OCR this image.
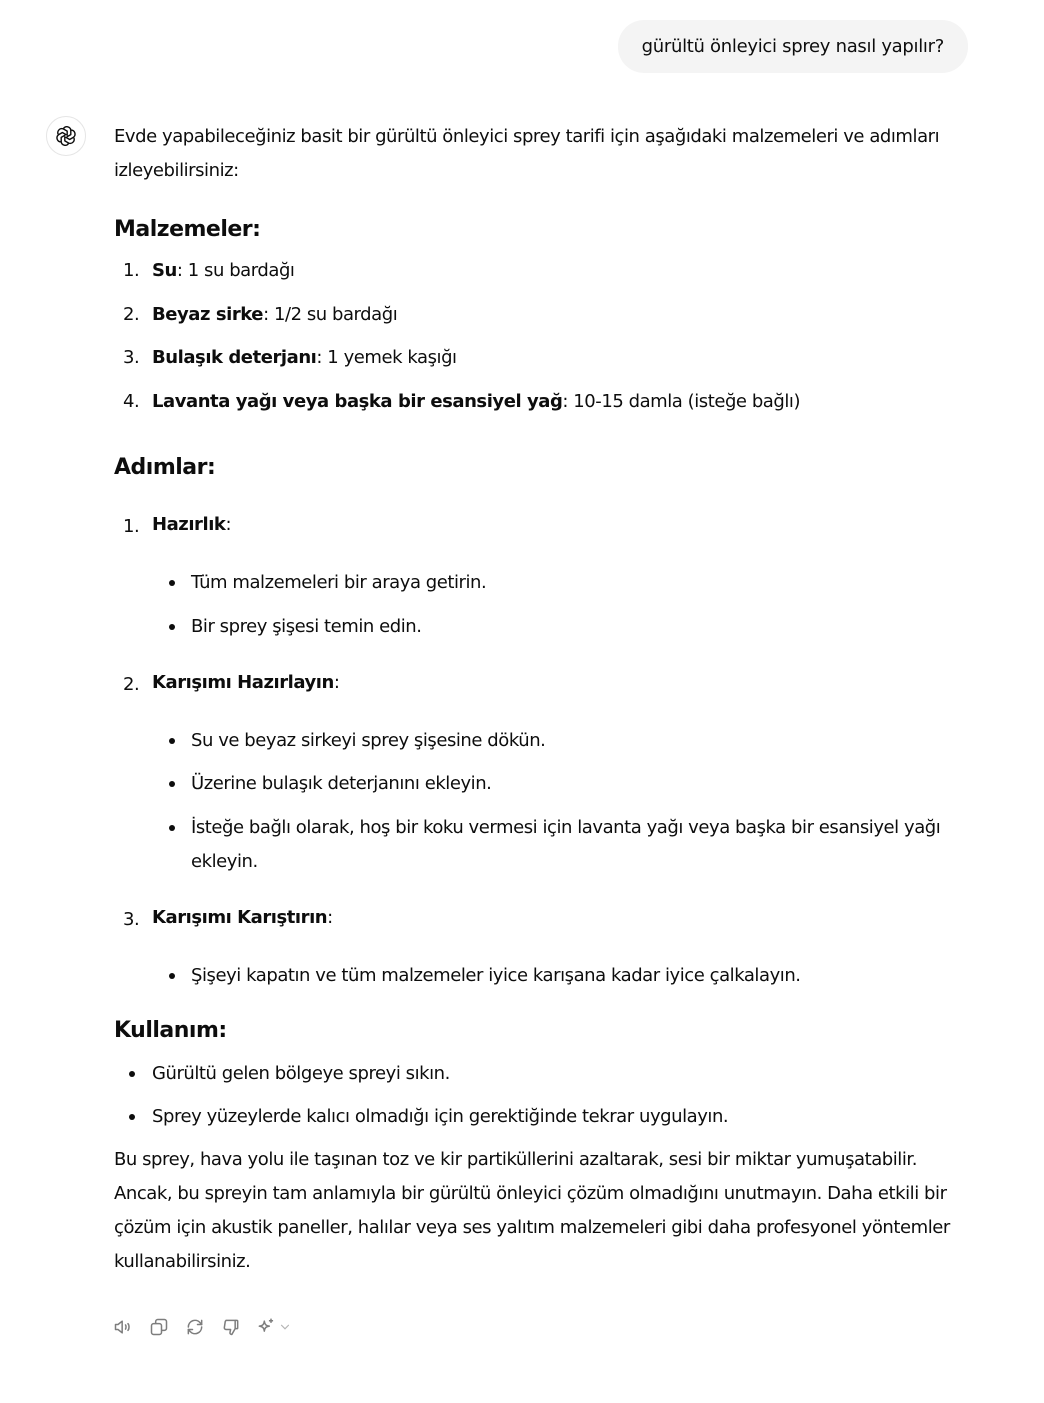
gürültü önleyici sprey nasıl yapılır?

Evde yapabileceğiniz basit bir gürültü önleyici sprey tarifi için aşağıdaki malzemeleri ve adımları izleyebilirsiniz:

Malzemeler:
1. Su: 1 su bardağı
2. Beyaz sirke: 1/2 su bardağı
3. Bulaşık deterjanı: 1 yemek kaşığı
4. Lavanta yağı veya başka bir esansiyel yağ: 10-15 damla (isteğe bağlı)
Adımlar:
1. Hazırlık:
Tüm malzemeleri bir araya getirin.
Bir sprey şişesi temin edin.
2. Karışımı Hazırlayın:
Su ve beyaz sirkeyi sprey şişesine dökün.
Üzerine bulaşık deterjanını ekleyin.
İsteğe bağlı olarak, hoş bir koku vermesi için lavanta yağı veya başka bir esansiyel yağı ekleyin.
3. Karışımı Karıştırın:
Şişeyi kapatın ve tüm malzemeler iyice karışana kadar iyice çalkalayın.
Kullanım:
Gürültü gelen bölgeye spreyi sıkın.
Sprey yüzeylerde kalıcı olmadığı için gerektiğinde tekrar uygulayın.

Bu sprey, hava yolu ile taşınan toz ve kir partiküllerini azaltarak, sesi bir miktar yumuşatabilir. Ancak, bu spreyin tam anlamıyla bir gürültü önleyici çözüm olmadığını unutmayın. Daha etkili bir çözüm için akustik paneller, halılar veya ses yalıtım malzemeleri gibi daha profesyonel yöntemler kullanabilirsiniz.
